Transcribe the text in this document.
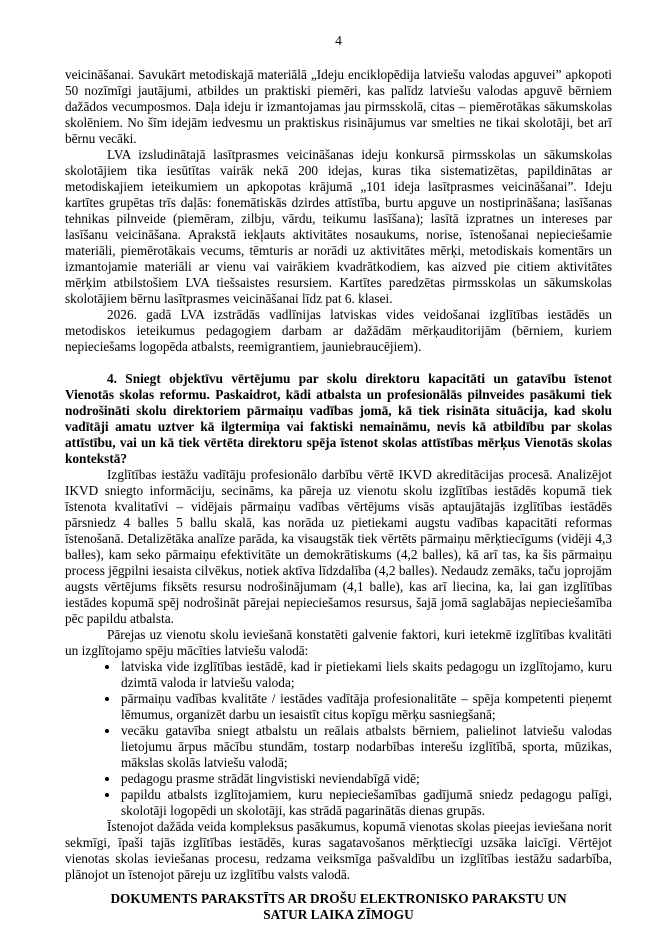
4

veicināšanai. Savukārt metodiskajā materiālā „Ideju enciklopēdija latviešu valodas apguvei” apkopoti 50 nozīmīgi jautājumi, atbildes un praktiski piemēri, kas palīdz latviešu valodas apguvē bērniem dažādos vecumposmos. Daļa ideju ir izmantojamas jau pirmsskolā, citas – piemērotākas sākumskolas skolēniem. No šīm idejām iedvesmu un praktiskus risinājumus var smelties ne tikai skolotāji, bet arī bērnu vecāki.

LVA izsludinātajā lasītprasmes veicināšanas ideju konkursā pirmsskolas un sākumskolas skolotājiem tika iesūtītas vairāk nekā 200 idejas, kuras tika sistematizētas, papildinātas ar metodiskajiem ieteikumiem un apkopotas krājumā „101 ideja lasītprasmes veicināšanai”. Ideju kartītes grupētas trīs daļās: fonemātiskās dzirdes attīstība, burtu apguve un nostiprināšana; lasīšanas tehnikas pilnveide (piemēram, zilbju, vārdu, teikumu lasīšana); lasītā izpratnes un intereses par lasīšanu veicināšana. Aprakstā iekļauts aktivitātes nosaukums, norise, īstenošanai nepieciešamie materiāli, piemērotākais vecums, tēmturis ar norādi uz aktivitātes mērķi, metodiskais komentārs un izmantojamie materiāli ar vienu vai vairākiem kvadrātkodiem, kas aizved pie citiem aktivitātes mērķim atbilstošiem LVA tiešsaistes resursiem. Kartītes paredzētas pirmsskolas un sākumskolas skolotājiem bērnu lasītprasmes veicināšanai līdz pat 6. klasei.

2026. gadā LVA izstrādās vadlīnijas latviskas vides veidošanai izglītības iestādēs un metodiskos ieteikumus pedagogiem darbam ar dažādām mērķauditorijām (bērniem, kuriem nepieciešams logopēda atbalsts, reemigrantiem, jauniebraucējiem).

4. Sniegt objektīvu vērtējumu par skolu direktoru kapacitāti un gatavību īstenot Vienotās skolas reformu. Paskaidrot, kādi atbalsta un profesionālās pilnveides pasākumi tiek nodrošināti skolu direktoriem pārmaiņu vadības jomā, kā tiek risināta situācija, kad skolu vadītāji amatu uztver kā ilgtermiņa vai faktiski nemaināmu, nevis kā atbildību par skolas attīstību, vai un kā tiek vērtēta direktoru spēja īstenot skolas attīstības mērķus Vienotās skolas kontekstā?

Izglītības iestāžu vadītāju profesionālo darbību vērtē IKVD akreditācijas procesā. Analizējot IKVD sniegto informāciju, secināms, ka pāreja uz vienotu skolu izglītības iestādēs kopumā tiek īstenota kvalitatīvi – vidējais pārmaiņu vadības vērtējums visās aptaujātajās izglītības iestādēs pārsniedz 4 balles 5 ballu skalā, kas norāda uz pietiekami augstu vadības kapacitāti reformas īstenošanā. Detalizētāka analīze parāda, ka visaugstāk tiek vērtēts pārmaiņu mērķtiecīgums (vidēji 4,3 balles), kam seko pārmaiņu efektivitāte un demokrātiskums (4,2 balles), kā arī tas, ka šis pārmaiņu process jēgpilni iesaista cilvēkus, notiek aktīva līdzdalība (4,2 balles). Nedaudz zemāks, taču joprojām augsts vērtējums fiksēts resursu nodrošinājumam (4,1 balle), kas arī liecina, ka, lai gan izglītības iestādes kopumā spēj nodrošināt pārejai nepieciešamos resursus, šajā jomā saglabājas nepieciešamība pēc papildu atbalsta.

Pārejas uz vienotu skolu ieviešanā konstatēti galvenie faktori, kuri ietekmē izglītības kvalitāti un izglītojamo spēju mācīties latviešu valodā:

• latviska vide izglītības iestādē, kad ir pietiekami liels skaits pedagogu un izglītojamo, kuru dzimtā valoda ir latviešu valoda;
• pārmaiņu vadības kvalitāte / iestādes vadītāja profesionalitāte – spēja kompetenti pieņemt lēmumus, organizēt darbu un iesaistīt citus kopīgu mērķu sasniegšanā;
• vecāku gatavība sniegt atbalstu un reālais atbalsts bērniem, palielinot latviešu valodas lietojumu ārpus mācību stundām, tostarp nodarbības interešu izglītībā, sporta, mūzikas, mākslas skolās latviešu valodā;
• pedagogu prasme strādāt lingvistiski neviendabīgā vidē;
• papildu atbalsts izglītojamiem, kuru nepieciešamības gadījumā sniedz pedagogu palīgi, skolotāji logopēdi un skolotāji, kas strādā pagarinātās dienas grupās.

Īstenojot dažāda veida kompleksus pasākumus, kopumā vienotas skolas pieejas ieviešana norit sekmīgi, īpaši tajās izglītības iestādēs, kuras sagatavošanos mērķtiecīgi uzsāka laicīgi. Vērtējot vienotas skolas ieviešanas procesu, redzama veiksmīga pašvaldību un izglītības iestāžu sadarbība, plānojot un īstenojot pāreju uz izglītību valsts valodā.

DOKUMENTS PARAKSTĪTS AR DROŠU ELEKTRONISKO PARAKSTU UN
SATUR LAIKA ZĪMOGU
